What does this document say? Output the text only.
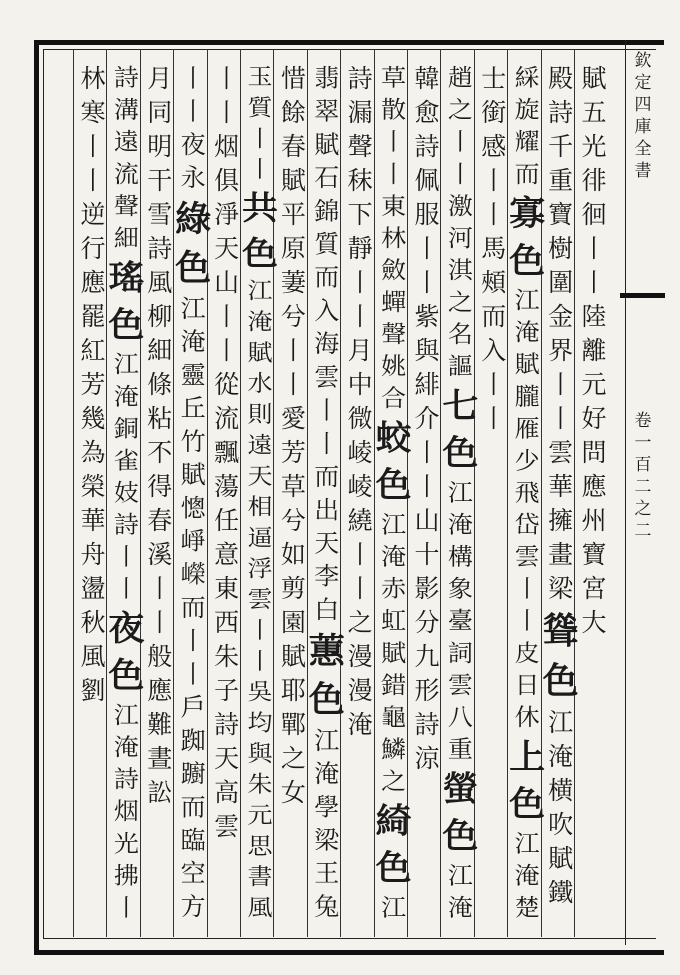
欽
定
四
庫
全
書
卷
一
百
二
之
二
賦
五
光
徘
徊
丨
丨
陸
離
元
好
問
應
州
寶
宮
大
殿
詩
千
重
寶
樹
圍
金
界
丨
丨
雲
華
擁
畫
梁
聳
色
江
淹
横
吹
賦
鐵
綵
旋
耀
而
寡
色
江
淹
賦
朧
雁
少
飛
岱
雲
丨
丨
皮
日
休
上
色
江
淹
楚
士
銜
感
丨
丨
馬
頰
而
入
丨
丨
趙
之
丨
丨
激
河
淇
之
名
謳
七
色
江
淹
構
象
臺
詞
雲
八
重
螢
色
江
淹
韓
愈
詩
佩
服
丨
丨
紫
與
緋
介
丨
丨
山
十
影
分
九
形
詩
涼
草
散
丨
丨
東
林
斂
蟬
聲
姚
合
蛟
色
江
淹
赤
虹
賦
錯
龜
鱗
之
綺
色
江
詩
漏
聲
秣
下
靜
丨
丨
月
中
微
崚
崚
繞
丨
丨
之
漫
漫
淹
翡
翠
賦
石
錦
質
而
入
海
雲
丨
丨
而
出
天
李
白
蕙
色
江
淹
學
梁
王
兔
惜
餘
春
賦
平
原
萋
兮
丨
丨
愛
芳
草
兮
如
剪
園
賦
耶
鄲
之
女
玉
質
丨
丨
共
色
江
淹
賦
水
則
遠
天
相
逼
浮
雲
丨
丨
吳
均
與
朱
元
思
書
風
丨
丨
烟
俱
淨
天
山
丨
丨
從
流
飄
蕩
任
意
東
西
朱
子
詩
天
高
雲
丨
丨
夜
永
綠
色
江
淹
靈
丘
竹
賦
憁
崢
嶸
而
丨
丨
戶
踟
躕
而
臨
空
方
月
同
明
干
雪
詩
風
柳
細
條
粘
不
得
春
溪
丨
丨
般
應
難
晝
訟
詩
溝
遠
流
聲
細
瑤
色
江
淹
銅
雀
妓
詩
丨
丨
夜
色
江
淹
詩
烟
光
拂
丨
林
寒
丨
丨
逆
行
應
罷
紅
芳
幾
為
榮
華
舟
盪
秋
風
劉
